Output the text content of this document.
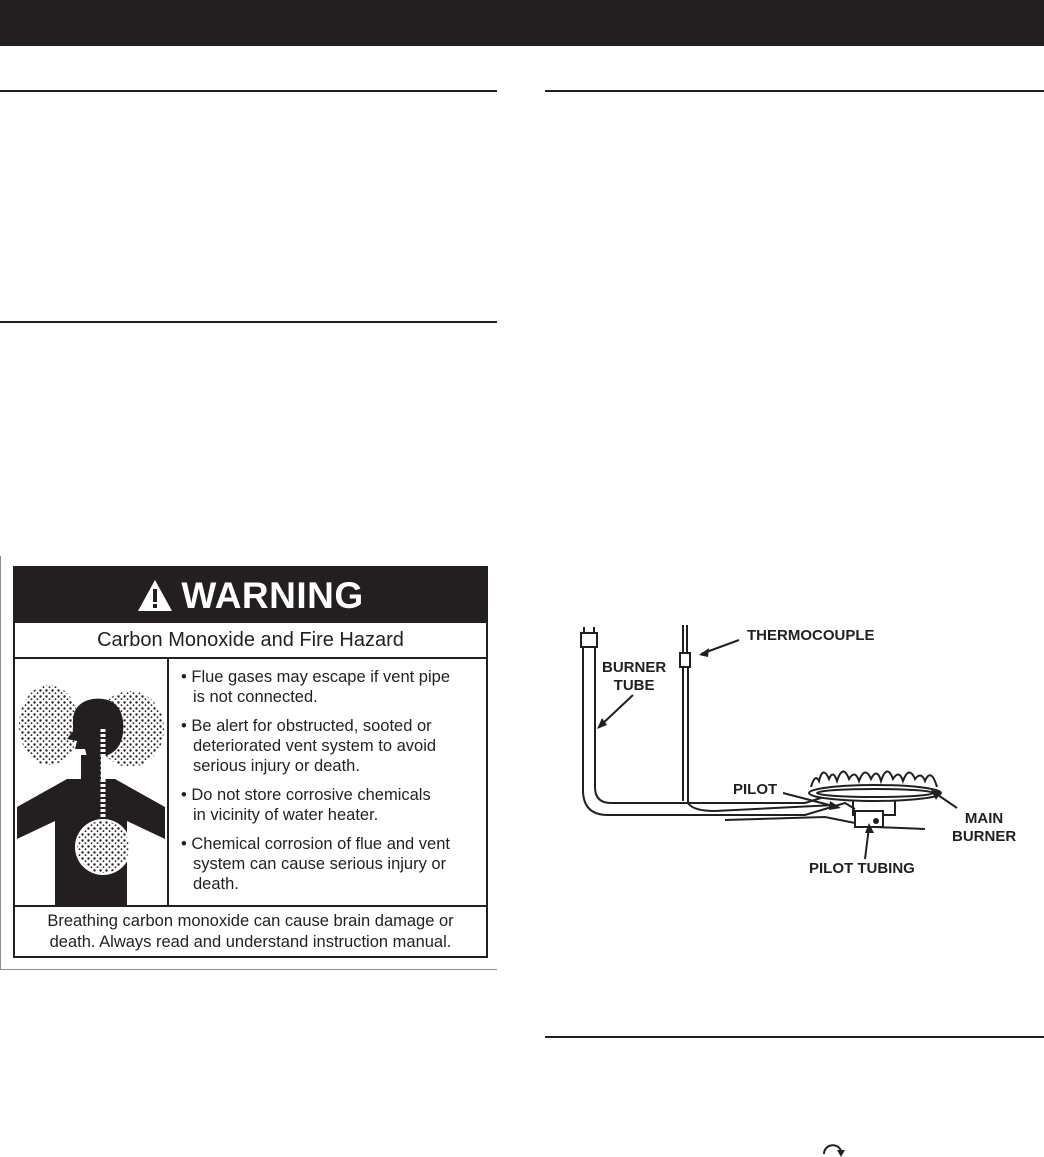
WARNING
Carbon Monoxide and Fire Hazard
• Flue gases may escape if vent pipe
is not connected.
• Be alert for obstructed, sooted or
deteriorated vent system to avoid
serious injury or death.
• Do not store corrosive chemicals
in vicinity of water heater.
• Chemical corrosion of flue and vent
system can cause serious injury or
death.
Breathing carbon monoxide can cause brain damage or
death. Always read and understand instruction manual.
THERMOCOUPLE
BURNER
TUBE
PILOT
MAIN
BURNER
PILOT TUBING
